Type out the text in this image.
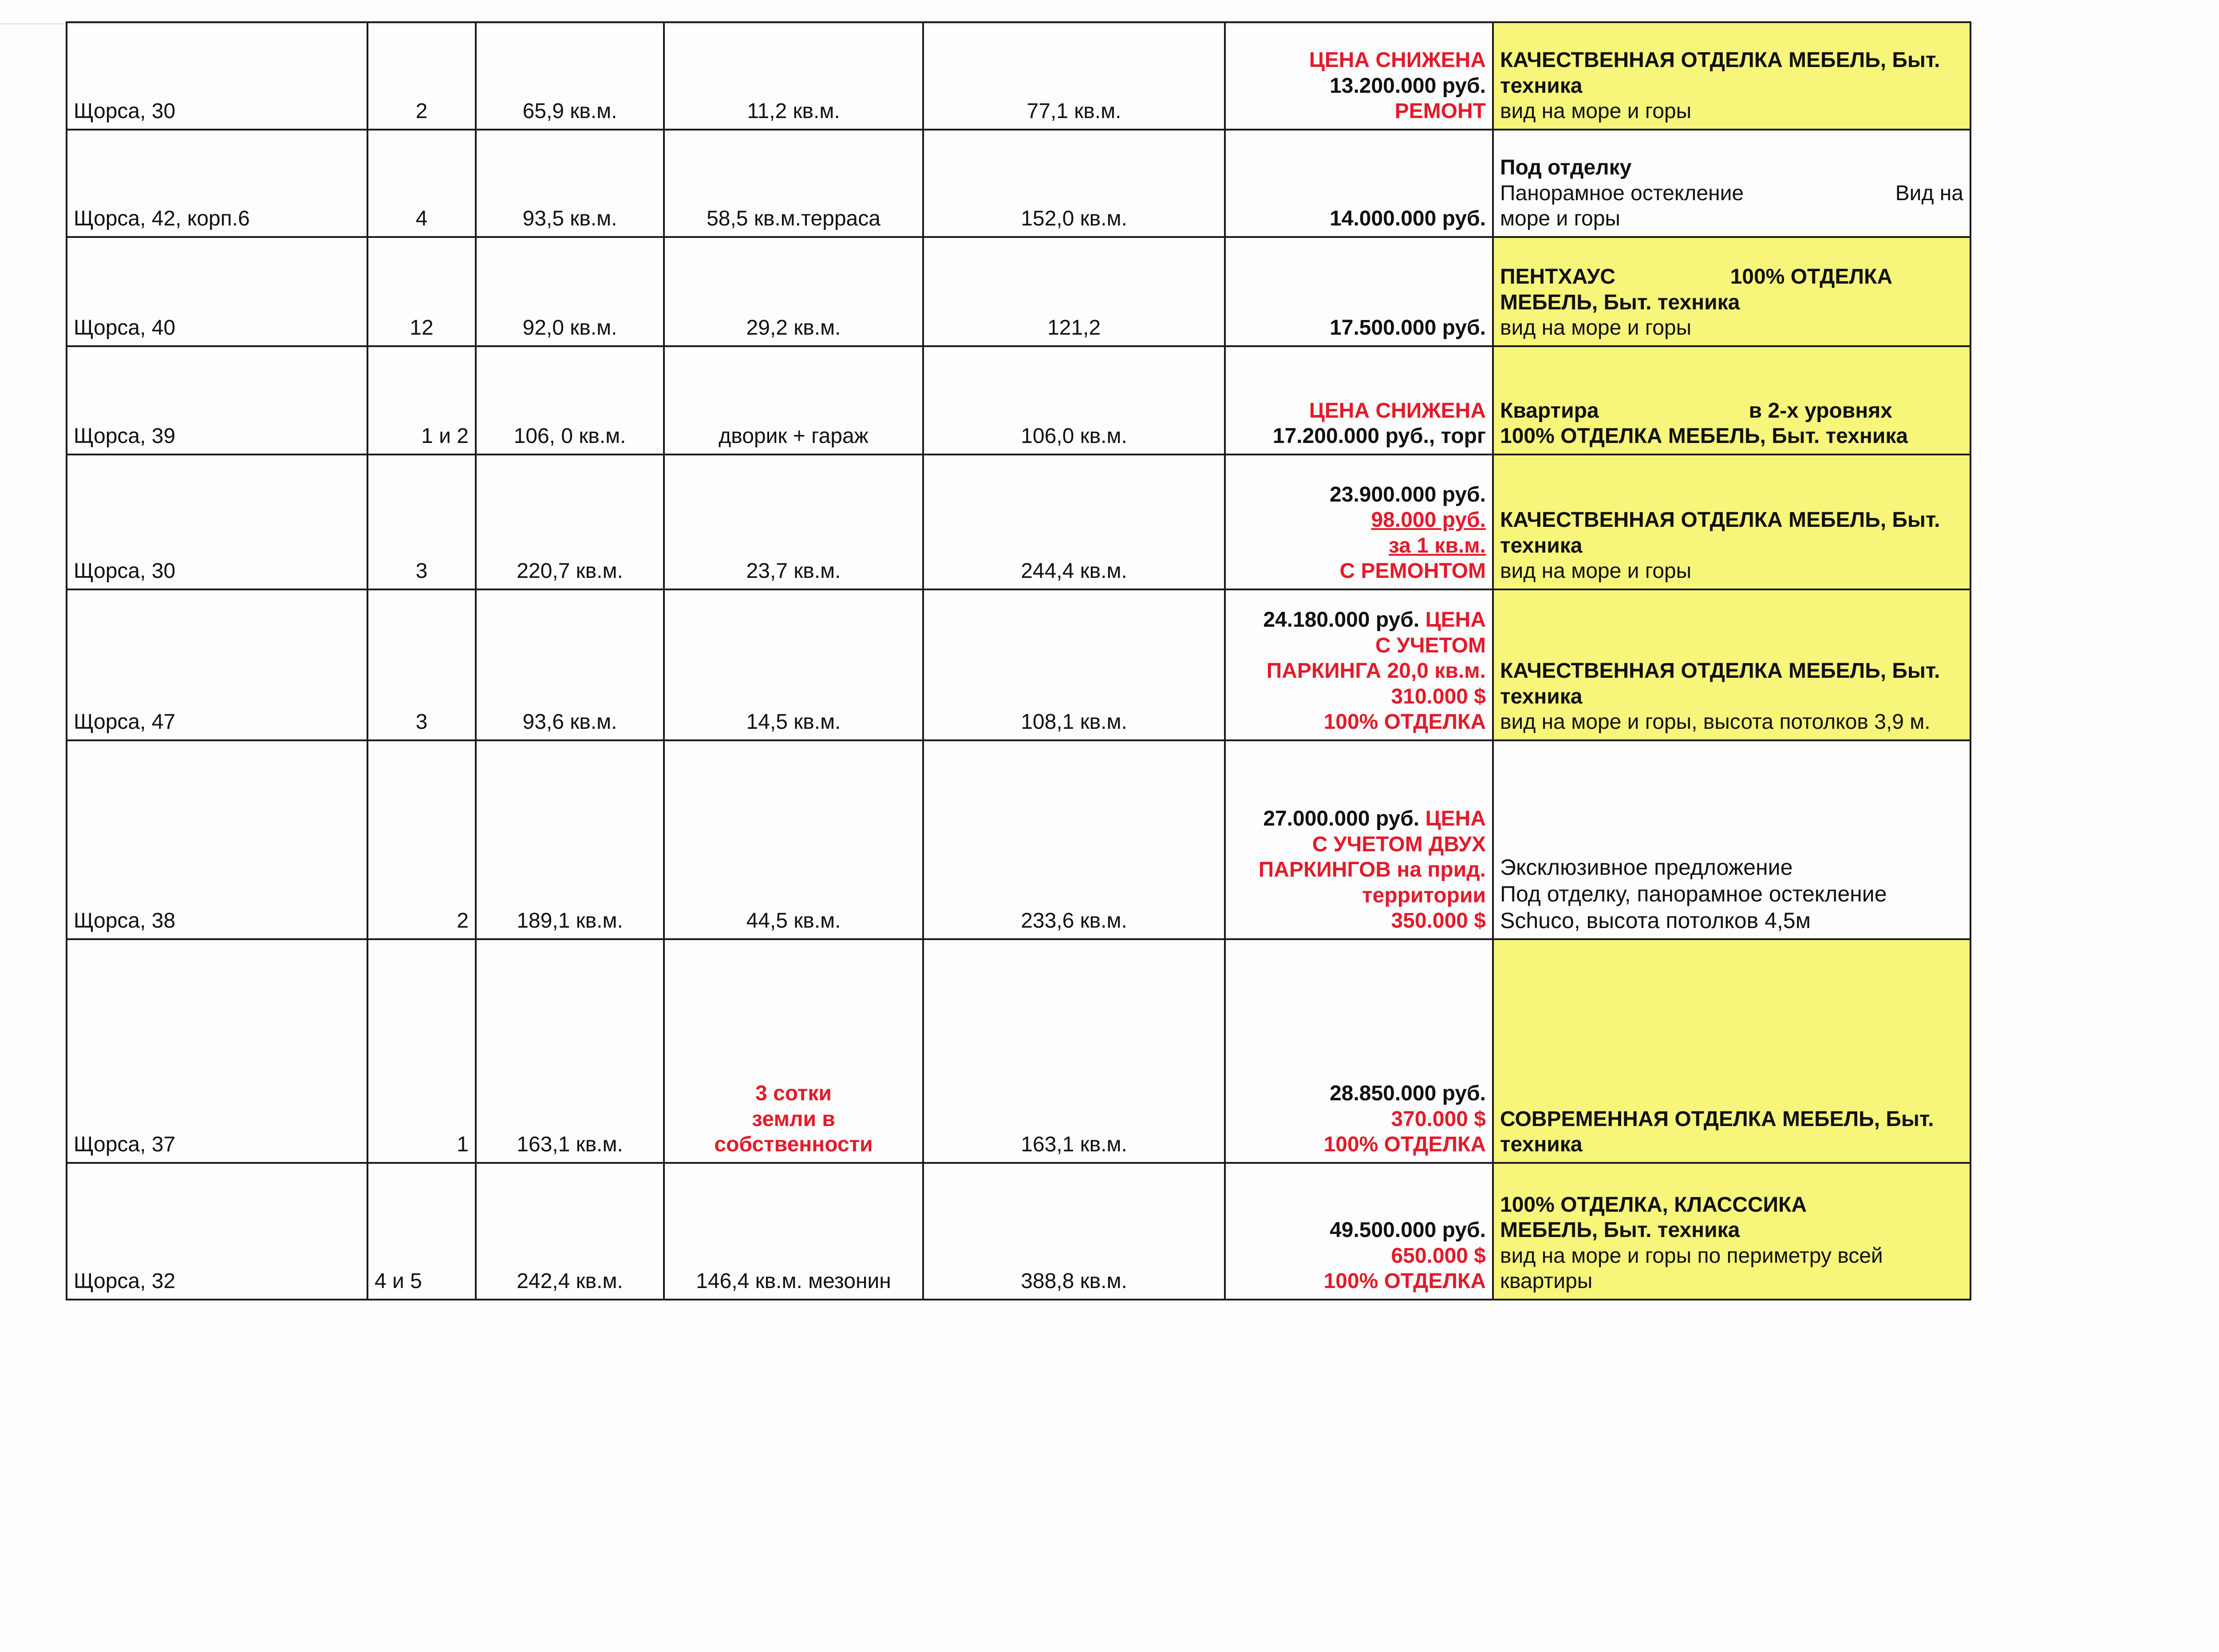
Щорса, 30	2	65,9 кв.м.	11,2 кв.м.	77,1 кв.м.	ЦЕНА СНИЖЕНА
13.200.000 руб.
РЕМОНТ	КАЧЕСТВЕННАЯ ОТДЕЛКА МЕБЕЛЬ, Быт.
техника
вид на море и горы

Щорса, 42, корп.6	4	93,5 кв.м.	58,5 кв.м.терраса	152,0 кв.м.	14.000.000 руб.	Под отделку
Панорамное остекление Вид на
море и горы

Щорса, 40	12	92,0 кв.м.	29,2 кв.м.	121,2	17.500.000 руб.	ПЕНТХАУС 100% ОТДЕЛКА
МЕБЕЛЬ, Быт. техника
вид на море и горы

Щорса, 39	1 и 2	106, 0 кв.м.	дворик + гараж	106,0 кв.м.	ЦЕНА СНИЖЕНА
17.200.000 руб., торг	Квартира в 2-х уровнях
100% ОТДЕЛКА МЕБЕЛЬ, Быт. техника

Щорса, 30	3	220,7 кв.м.	23,7 кв.м.	244,4 кв.м.	23.900.000 руб.
98.000 руб.
за 1 кв.м.
С РЕМОНТОМ	КАЧЕСТВЕННАЯ ОТДЕЛКА МЕБЕЛЬ, Быт.
техника
вид на море и горы

Щорса, 47	3	93,6 кв.м.	14,5 кв.м.	108,1 кв.м.	24.180.000 руб. ЦЕНА
С УЧЕТОМ
ПАРКИНГА 20,0 кв.м.
310.000 $
100% ОТДЕЛКА	КАЧЕСТВЕННАЯ ОТДЕЛКА МЕБЕЛЬ, Быт.
техника
вид на море и горы, высота потолков 3,9 м.

Щорса, 38	2	189,1 кв.м.	44,5 кв.м.	233,6 кв.м.	27.000.000 руб. ЦЕНА
С УЧЕТОМ ДВУХ
ПАРКИНГОВ на прид.
территории
350.000 $	Эксклюзивное предложение
Под отделку, панорамное остекление
Schuco, высота потолков 4,5м

Щорса, 37	1	163,1 кв.м.	3 сотки
земли в
собственности	163,1 кв.м.	28.850.000 руб.
370.000 $
100% ОТДЕЛКА	СОВРЕМЕННАЯ ОТДЕЛКА МЕБЕЛЬ, Быт.
техника

Щорса, 32	4 и 5	242,4 кв.м.	146,4 кв.м. мезонин	388,8 кв.м.	49.500.000 руб.
650.000 $
100% ОТДЕЛКА	100% ОТДЕЛКА, КЛАССCИКА
МЕБЕЛЬ, Быт. техника
вид на море и горы по периметру всей квартиры
